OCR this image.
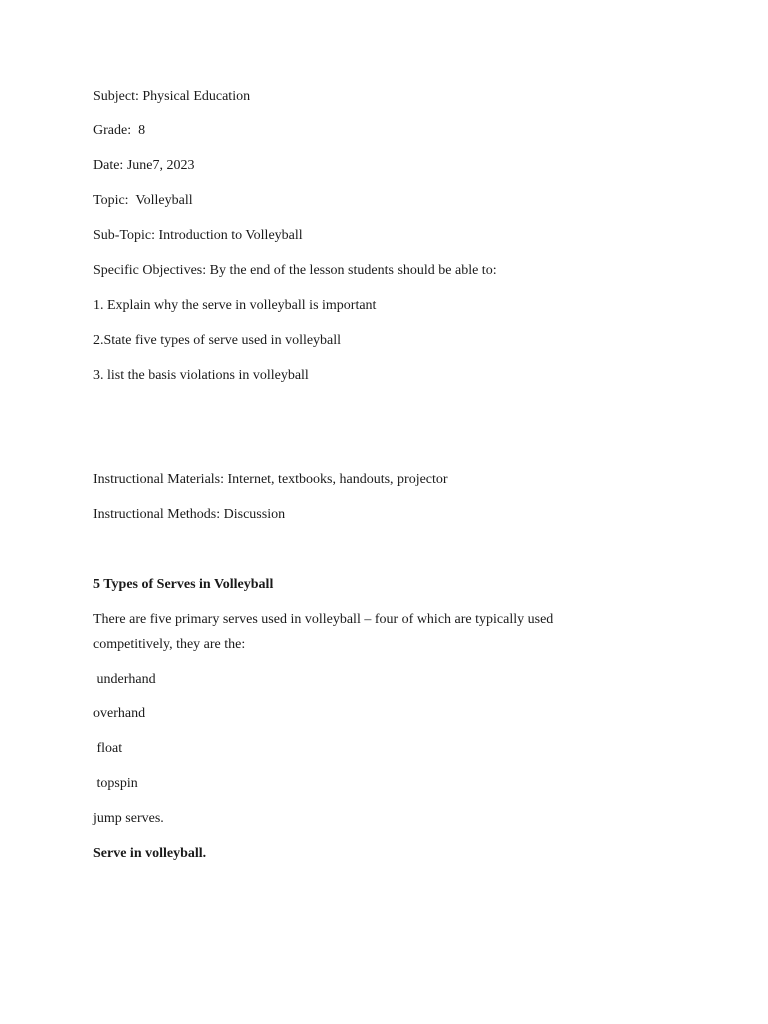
Subject: Physical Education
Grade:  8
Date: June7, 2023
Topic:  Volleyball
Sub-Topic: Introduction to Volleyball
Specific Objectives: By the end of the lesson students should be able to:
1. Explain why the serve in volleyball is important
2.State five types of serve used in volleyball
3. list the basis violations in volleyball
Instructional Materials: Internet, textbooks, handouts, projector
Instructional Methods: Discussion
5 Types of Serves in Volleyball
There are five primary serves used in volleyball – four of which are typically used
competitively, they are the:
underhand
overhand
float
topspin
jump serves.
Serve in volleyball.
